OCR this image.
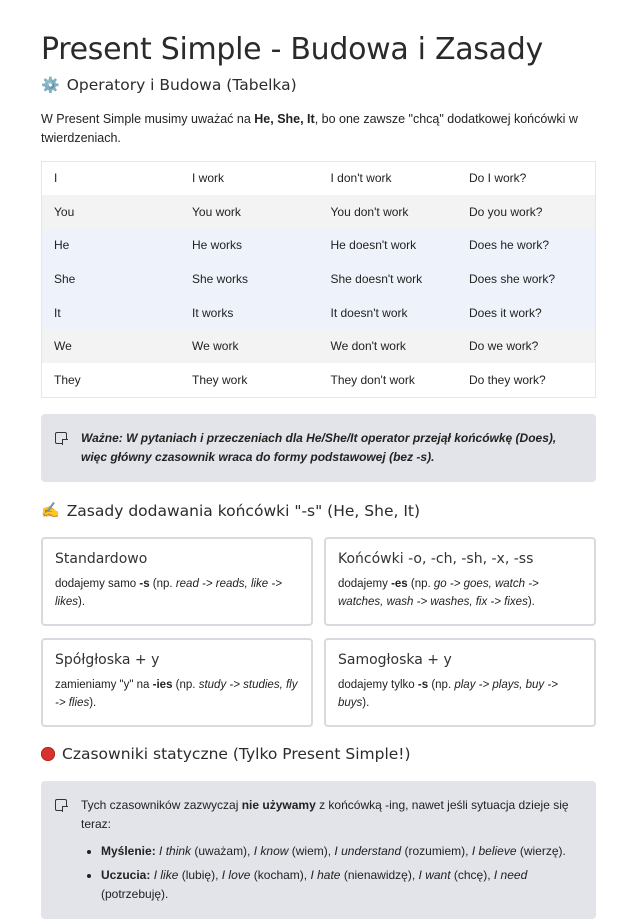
Present Simple - Budowa i Zasady
⚙️ Operatory i Budowa (Tabelka)

W Present Simple musimy uważać na He, She, It, bo one zawsze "chcą" dodatkowej końcówki w twierdzeniach.

I	I work	I don't work	Do I work?
You	You work	You don't work	Do you work?
He	He works	He doesn't work	Does he work?
She	She works	She doesn't work	Does she work?
It	It works	It doesn't work	Does it work?
We	We work	We don't work	Do we work?
They	They work	They don't work	Do they work?
Ważne: W pytaniach i przeczeniach dla He/She/It operator przejął końcówkę (Does), więc główny czasownik wraca do formy podstawowej (bez -s).
✍️ Zasady dodawania końcówki "-s" (He, She, It)
Standardowo
dodajemy samo -s (np. read -> reads, like -> likes).
Końcówki -o, -ch, -sh, -x, -ss
dodajemy -es (np. go -> goes, watch -> watches, wash -> washes, fix -> fixes).
Spółgłoska + y
zamieniamy "y" na -ies (np. study -> studies, fly -> flies).
Samogłoska + y
dodajemy tylko -s (np. play -> plays, buy -> buys).
Czasowniki statyczne (Tylko Present Simple!)
Tych czasowników zazwyczaj nie używamy z końcówką -ing, nawet jeśli sytuacja dzieje się teraz:
• Myślenie: I think (uważam), I know (wiem), I understand (rozumiem), I believe (wierzę).
• Uczucia: I like (lubię), I love (kocham), I hate (nienawidzę), I want (chcę), I need (potrzebuję).
